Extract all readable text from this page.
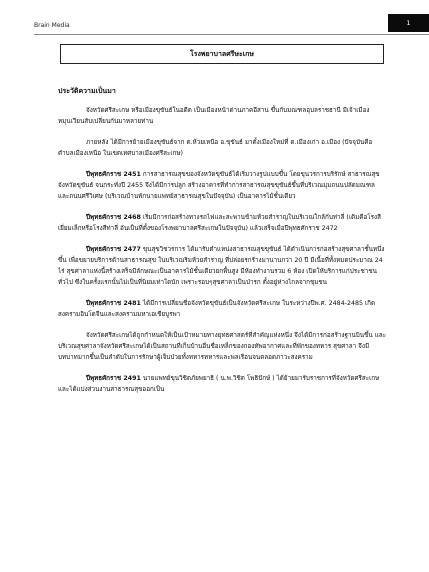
Brain Media	1
โรงพยาบาลศรีษะเกษ

ประวัติความเป็นมา

จังหวัดศรีสะเกษ หรือเมืองขุขันธ์ในอดีต เป็นเมืองหน้าด่านภาคอีสาน ขึ้นกับมณฑลอุบลราชธานี มีเจ้าเมืองหมุนเวียนสับเปลี่ยนกันมาหลายท่าน

ภายหลัง ได้มีการย้ายเมืองขุขันธ์จาก ต.ห้วยเหนือ อ.ขุขันธ์ มาตั้งเมืองใหม่ที่ ต.เมืองเก่า อ.เมือง (ปัจจุบันคือตำบลเมืองเหนือ ในเขตเทศบาลเมืองศรีสะเกษ)

ปีพุทธศักราช 2451 การสาธารณสุขของจังหวัดขุขันธ์ได้เริ่มวางรูปแบบขึ้น โดยขุนวรการบริรักษ์ สาธารณสุขจังหวัดขุขันธ์ จนกระทั่งปี 2455 จึงได้มีการปลูก สร้างอาคารที่ทำการสาธารณสุขขุขันธ์ขึ้นที่บริเวณมุมถนนปลัดมณฑล และถนนศรีวิเศษ (บริเวณบ้านพักนายแพทย์สาธารณสุขในปัจจุบัน) เป็นอาคารไม้ชั้นเดียว

ปีพุทธศักราช 2468 เริ่มมีการก่อสร้างทางรถไฟและสะพานข้ามห้วยสำราญในบริเวณใกล้กับท่าลี่ (เดิมคือโรงสีเยี่ยมเล็กหรือโรงสีท่าลี่ อันเป็นที่ตั้งของโรงพยาบาลศรีสะเกษในปัจจุบัน) แล้วเสร็จเมื่อปีพุทธศักราช 2472

ปีพุทธศักราช 2477 ขุนสุขวิชวรการ ได้มารับตำแหน่งสาธารณสุขขุขันธ์ ได้ดำเนินการก่อสร้างสุขศาลาชั้นหนึ่งขึ้น เพื่อขยายบริการด้านสาธารณสุข ในบริเวณริมห้วยสำราญ ที่ปล่อยรกร้างมานานกว่า 20 ปี มีเนื้อที่ทั้งหมดประมาณ 24 ไร่ สุขศาลาแห่งนี้สร้างเสร็จมีลักษณะเป็นอาคารไม้ชั้นเดียวยกพื้นสูง มีห้องทำงานรวม 6 ห้อง เปิดให้บริการแก่ประชาชนทั่วไป ซึ่งในครั้งแรกนั้นไม่เป็นที่นิยมเท่าใดนัก เพราะรอบๆสุขศาลาเป็นป่ารก ตั้งอยู่ห่างไกลจากชุมชน

ปีพุทธศักราช 2481 ได้มีการเปลี่ยนชื่อจังหวัดขุขันธ์เป็นจังหวัดศรีสะเกษ ในระหว่างปีพ.ศ. 2484-2485 เกิดสงครามอินโดจีนและสงครามมหาเอเชียบูรพา

จังหวัดศรีสะเกษได้ถูกกำหนดให้เป็นเป้าหมายทางยุทธศาสตร์ที่สำคัญแห่งหนึ่ง จึงได้มีการก่อสร้างฐานบินขึ้น และบริเวณสุขศาลาจังหวัดศรีสะเกษได้เป็นสถานที่เก็บบ้านอื่นชื่อเหล็กของกองทัพอากาศและที่พักของทหาร สุขศาลา จึงมีบทบาทมากขึ้นเป็นลำดับในการรักษาผู้เจ็บป่วยทั้งทหารทหารและพลเรือนจนตลอดภาวะสงคราม

ปีพุทธศักราช 2491 นายแพทย์ขุนวิชิตภัยพยาธิ ( น.พ.วิชิต โพธิปักษ์ ) ได้ย้ายมารับราชการที่จังหวัดศรีสะเกษ และได้แบ่งส่วนงานสาธารณสุขออกเป็น
